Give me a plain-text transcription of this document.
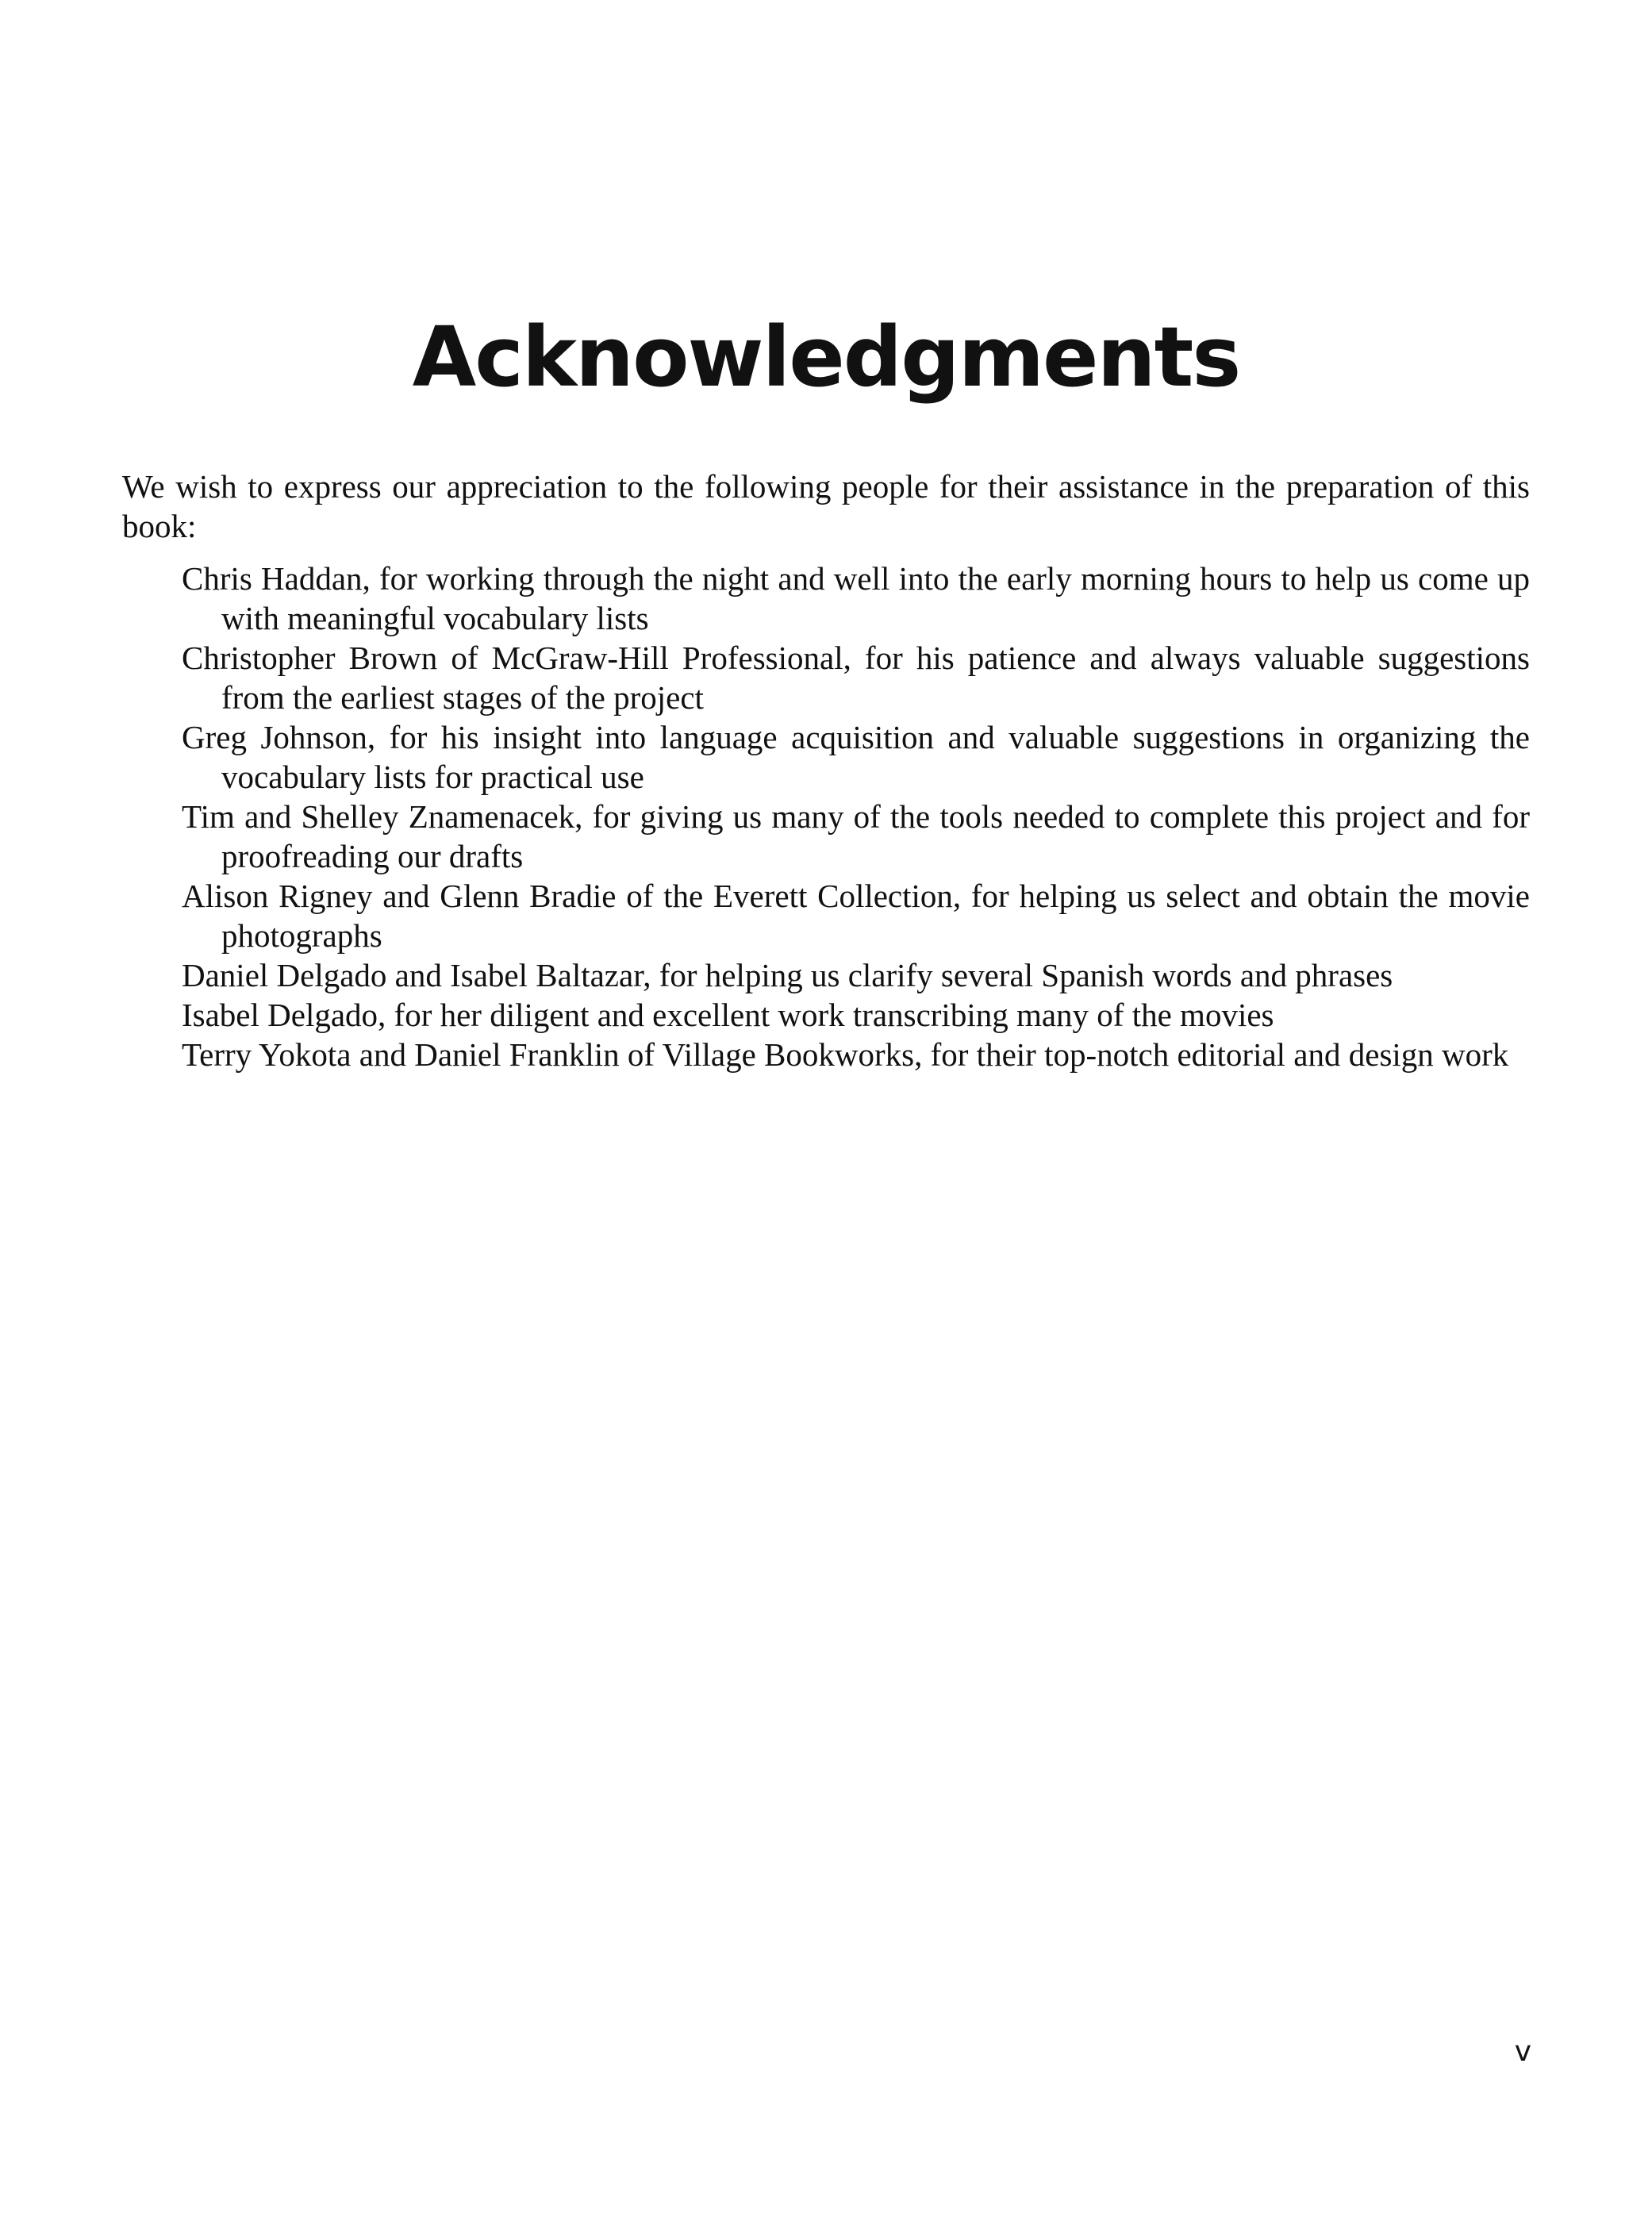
Acknowledgments

We wish to express our appreciation to the following people for their assistance in the preparation of this book:

Chris Haddan, for working through the night and well into the early morning hours to help us come up with meaningful vocabulary lists
Christopher Brown of McGraw-Hill Professional, for his patience and always valuable suggestions from the earliest stages of the project
Greg Johnson, for his insight into language acquisition and valuable suggestions in organizing the vocabulary lists for practical use
Tim and Shelley Znamenacek, for giving us many of the tools needed to complete this project and for proofreading our drafts
Alison Rigney and Glenn Bradie of the Everett Collection, for helping us select and obtain the movie photographs
Daniel Delgado and Isabel Baltazar, for helping us clarify several Spanish words and phrases
Isabel Delgado, for her diligent and excellent work transcribing many of the movies
Terry Yokota and Daniel Franklin of Village Bookworks, for their top-notch editorial and design work
v
